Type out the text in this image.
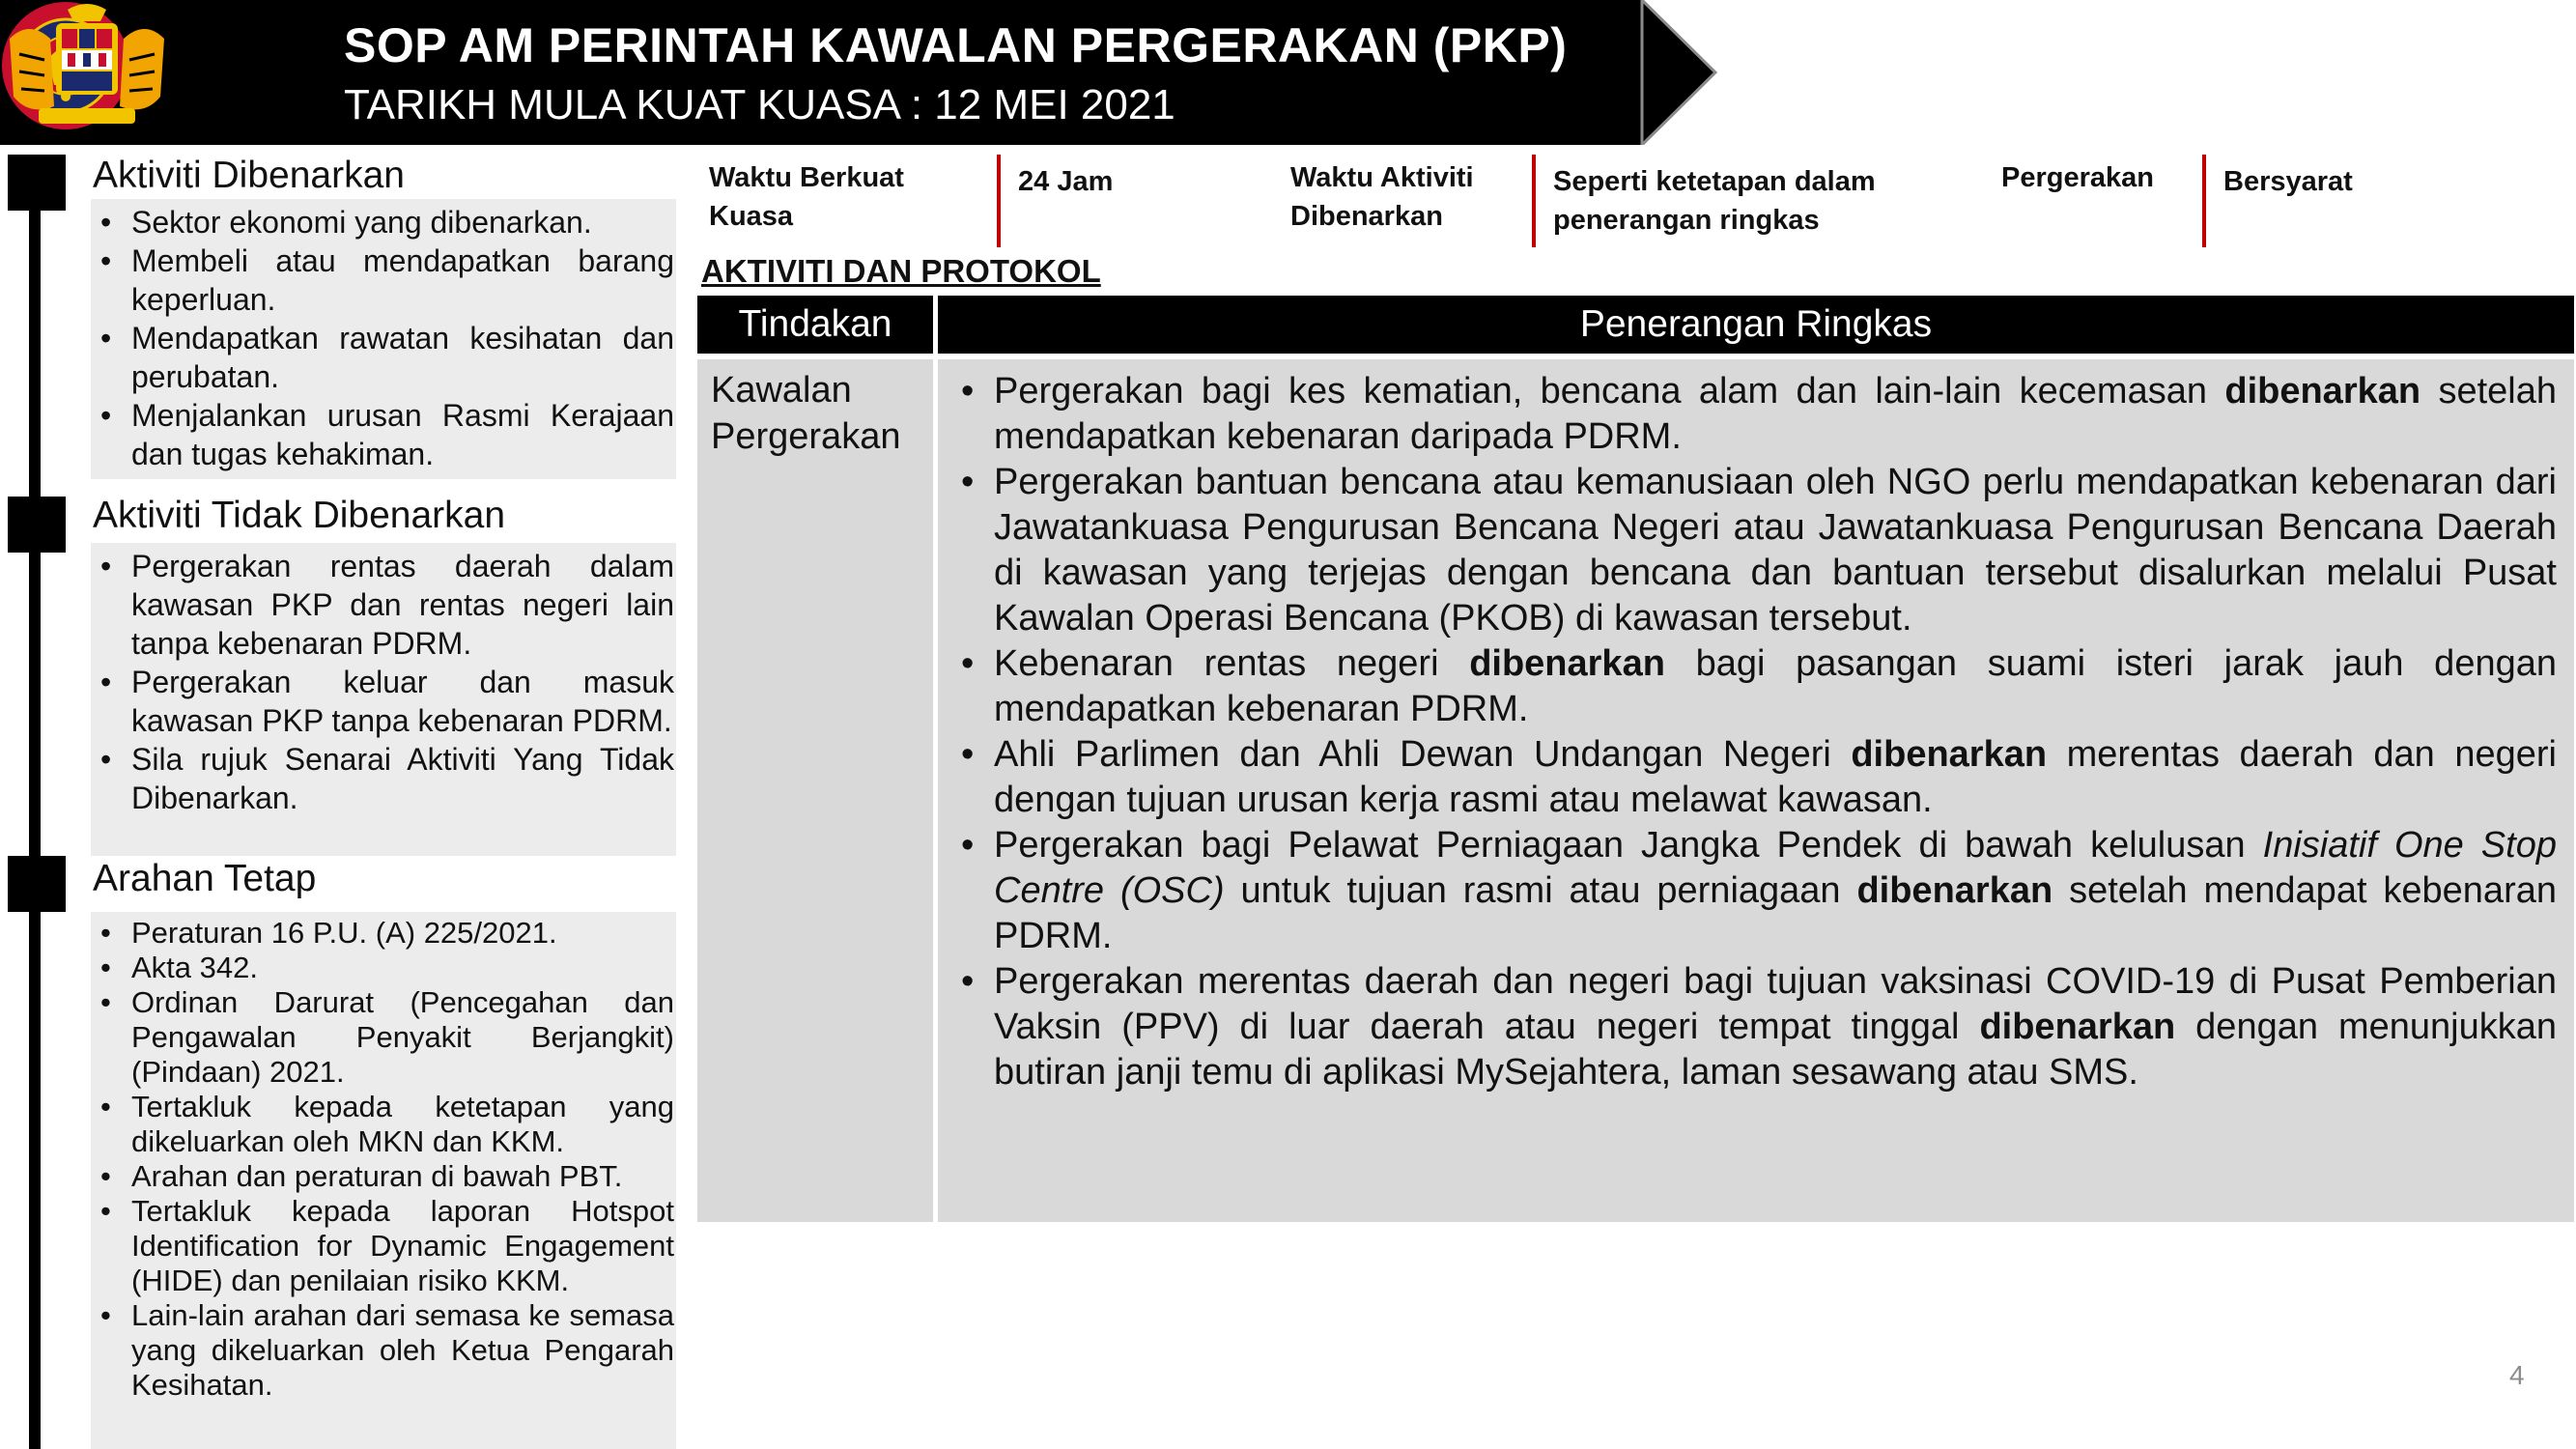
SOP AM PERINTAH KAWALAN PERGERAKAN (PKP)
TARIKH MULA KUAT KUASA : 12 MEI 2021
Aktiviti Dibenarkan
• Sektor ekonomi yang dibenarkan.
• Membeli atau mendapatkan barang keperluan.
• Mendapatkan rawatan kesihatan dan perubatan.
• Menjalankan urusan Rasmi Kerajaan dan tugas kehakiman.
Aktiviti Tidak Dibenarkan
• Pergerakan rentas daerah dalam kawasan PKP dan rentas negeri lain tanpa kebenaran PDRM.
• Pergerakan keluar dan masuk kawasan PKP tanpa kebenaran PDRM.
• Sila rujuk Senarai Aktiviti Yang Tidak Dibenarkan.
Arahan Tetap
• Peraturan 16 P.U. (A) 225/2021.
• Akta 342.
• Ordinan Darurat (Pencegahan dan Pengawalan Penyakit Berjangkit) (Pindaan) 2021.
• Tertakluk kepada ketetapan yang dikeluarkan oleh MKN dan KKM.
• Arahan dan peraturan di bawah PBT.
• Tertakluk kepada laporan Hotspot Identification for Dynamic Engagement (HIDE) dan penilaian risiko KKM.
• Lain-lain arahan dari semasa ke semasa yang dikeluarkan oleh Ketua Pengarah Kesihatan.
Waktu Berkuat Kuasa
24 Jam	Waktu Aktiviti Dibenarkan
Seperti ketetapan dalam penerangan ringkas
Pergerakan	Bersyarat
AKTIVITI DAN PROTOKOL
Tindakan	Penerangan Ringkas
Kawalan Pergerakan
• Pergerakan bagi kes kematian, bencana alam dan lain-lain kecemasan dibenarkan setelah mendapatkan kebenaran daripada PDRM.
• Pergerakan bantuan bencana atau kemanusiaan oleh NGO perlu mendapatkan kebenaran dari Jawatankuasa Pengurusan Bencana Negeri atau Jawatankuasa Pengurusan Bencana Daerah di kawasan yang terjejas dengan bencana dan bantuan tersebut disalurkan melalui Pusat Kawalan Operasi Bencana (PKOB) di kawasan tersebut.
• Kebenaran rentas negeri dibenarkan bagi pasangan suami isteri jarak jauh dengan mendapatkan kebenaran PDRM.
• Ahli Parlimen dan Ahli Dewan Undangan Negeri dibenarkan merentas daerah dan negeri dengan tujuan urusan kerja rasmi atau melawat kawasan.
• Pergerakan bagi Pelawat Perniagaan Jangka Pendek di bawah kelulusan Inisiatif One Stop Centre (OSC) untuk tujuan rasmi atau perniagaan dibenarkan setelah mendapat kebenaran PDRM.
• Pergerakan merentas daerah dan negeri bagi tujuan vaksinasi COVID-19 di Pusat Pemberian Vaksin (PPV) di luar daerah atau negeri tempat tinggal dibenarkan dengan menunjukkan butiran janji temu di aplikasi MySejahtera, laman sesawang atau SMS.
4
